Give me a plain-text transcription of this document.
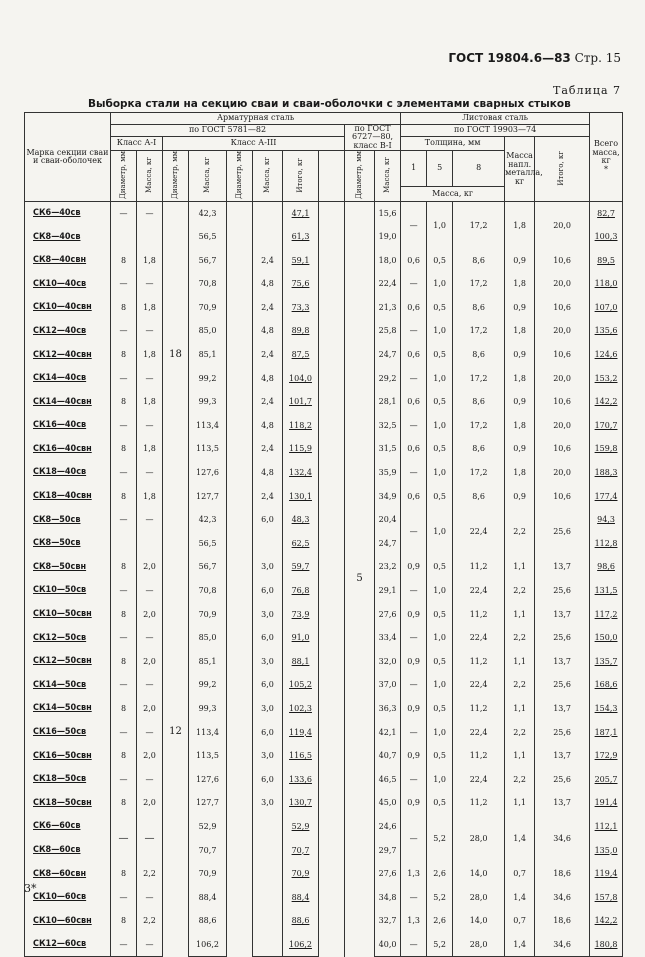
ГОСТ 19804.6—83 Стр. 15
Таблица 7
Выборка стали на секцию сваи и сваи-оболочки с элементами сварных стыков
Марка секции сваи и сваи-оболочек	Арматурная сталь										Листовая сталь					Всего масса, кг
*
	по ГОСТ 5781—82								по ГОСТ 6727—80, класс В-I		по ГОСТ 19903—74					
	Класс А-I		Класс А-III								Толщина, мм			Масса напл. металла, кг	Итого, кг	
	Диаметр, мм	Масса, кг	Диаметр, мм	Масса, кг	Диаметр, мм	Масса, кг	Итого, кг		Диаметр, мм	Масса, кг	1	5	8			
											Масса, кг					
СК6—40св	—	—	18	42,3			47,1		5	15,6	—	1,0	17,2	1,8	20,0	82,7
СК8—40св				56,5			61,3			19,0						100,3
СК8—40свн	8	1,8		56,7		2,4	59,1			18,0	0,6	0,5	8,6	0,9	10,6	89,5
СК10—40св	—	—		70,8		4,8	75,6			22,4	—	1,0	17,2	1,8	20,0	118,0
СК10—40свн	8	1,8		70,9		2,4	73,3			21,3	0,6	0,5	8,6	0,9	10,6	107,0
СК12—40св	—	—		85,0		4,8	89,8			25,8	—	1,0	17,2	1,8	20,0	135,6
СК12—40свн	8	1,8		85,1		2,4	87,5			24,7	0,6	0,5	8,6	0,9	10,6	124,6
СК14—40св	—	—		99,2		4,8	104,0			29,2	—	1,0	17,2	1,8	20,0	153,2
СК14—40свн	8	1,8		99,3		2,4	101,7			28,1	0,6	0,5	8,6	0,9	10,6	142,2
СК16—40св	—	—		113,4		4,8	118,2			32,5	—	1,0	17,2	1,8	20,0	170,7
СК16—40свн	8	1,8		113,5		2,4	115,9			31,5	0,6	0,5	8,6	0,9	10,6	159,8
СК18—40св	—	—		127,6		4,8	132,4			35,9	—	1,0	17,2	1,8	20,0	188,3
СК18—40свн	8	1,8		127,7		2,4	130,1			34,9	0,6	0,5	8,6	0,9	10,6	177,4
СК8—50св	—	—	12	42,3		6,0	48,3			20,4	—	1,0	22,4	2,2	25,6	94,3
СК8—50св				56,5			62,5			24,7						112,8
СК8—50свн	8	2,0		56,7		3,0	59,7			23,2	0,9	0,5	11,2	1,1	13,7	98,6
СК10—50св	—	—		70,8		6,0	76,8			29,1	—	1,0	22,4	2,2	25,6	131,5
СК10—50свн	8	2,0		70,9		3,0	73,9			27,6	0,9	0,5	11,2	1,1	13,7	117,2
СК12—50св	—	—		85,0		6,0	91,0			33,4	—	1,0	22,4	2,2	25,6	150,0
СК12—50свн	8	2,0		85,1		3,0	88,1			32,0	0,9	0,5	11,2	1,1	13,7	135,7
СК14—50св	—	—		99,2		6,0	105,2			37,0	—	1,0	22,4	2,2	25,6	168,6
СК14—50свн	8	2,0		99,3		3,0	102,3			36,3	0,9	0,5	11,2	1,1	13,7	154,3
СК16—50св	—	—		113,4		6,0	119,4			42,1	—	1,0	22,4	2,2	25,6	187,1
СК16—50свн	8	2,0		113,5		3,0	116,5			40,7	0,9	0,5	11,2	1,1	13,7	172,9
СК18—50св	—	—		127,6		6,0	133,6			46,5	—	1,0	22,4	2,2	25,6	205,7
СК18—50свн	8	2,0		127,7		3,0	130,7			45,0	0,9	0,5	11,2	1,1	13,7	191,4
СК6—60св	—	—		52,9			52,9			24,6	—	5,2	28,0	1,4	34,6	112,1
СК8—60св				70,7			70,7			29,7						135,0
СК8—60свн	8	2,2		70,9			70,9			27,6	1,3	2,6	14,0	0,7	18,6	119,4
СК10—60св	—	—		88,4			88,4			34,8	—	5,2	28,0	1,4	34,6	157,8
СК10—60свн	8	2,2		88,6			88,6			32,7	1,3	2,6	14,0	0,7	18,6	142,2
СК12—60св	—	—		106,2			106,2			40,0	—	5,2	28,0	1,4	34,6	180,8
3*
